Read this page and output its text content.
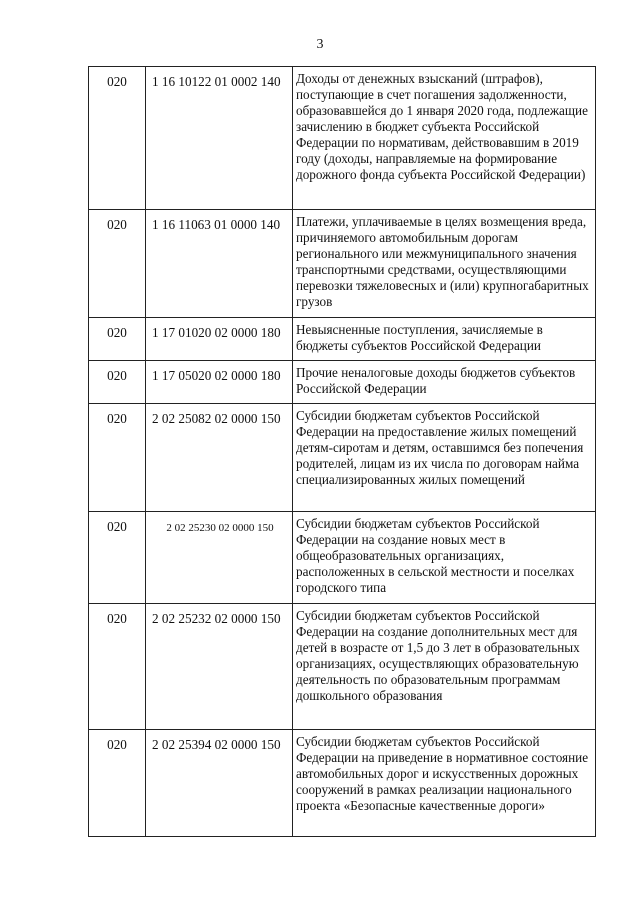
3
020	1 16 10122 01 0002 140	Доходы от денежных взысканий (штрафов), поступающие в счет погашения задолженности, образовавшейся до 1 января 2020 года, подлежащие зачислению в бюджет субъекта Российской Федерации по нормативам, действовавшим в 2019 году (доходы, направляемые на формирование дорожного фонда субъекта Российской Федерации)
020	1 16 11063 01 0000 140	Платежи, уплачиваемые в целях возмещения вреда, причиняемого автомобильным дорогам регионального или межмуниципального значения транспортными средствами, осуществляющими перевозки тяжеловесных и (или) крупногабаритных грузов
020	1 17 01020 02 0000 180	Невыясненные поступления, зачисляемые в бюджеты субъектов Российской Федерации
020	1 17 05020 02 0000 180	Прочие неналоговые доходы бюджетов субъектов Российской Федерации
020	2 02 25082 02 0000 150	Субсидии бюджетам субъектов Российской Федерации на предоставление жилых помещений детям-сиротам и детям, оставшимся без попечения родителей, лицам из их числа по договорам найма специализированных жилых помещений
020	2 02 25230 02 0000 150	Субсидии бюджетам субъектов Российской Федерации на создание новых мест в общеобразовательных организациях, расположенных в сельской местности и поселках городского типа
020	2 02 25232 02 0000 150	Субсидии бюджетам субъектов Российской Федерации на создание дополнительных мест для детей в возрасте от 1,5 до 3 лет в образовательных организациях, осуществляющих образовательную деятельность по образовательным программам дошкольного образования
020	2 02 25394 02 0000 150	Субсидии бюджетам субъектов Российской Федерации на приведение в нормативное состояние автомобильных дорог и искусственных дорожных сооружений в рамках реализации национального проекта «Безопасные качественные дороги»
